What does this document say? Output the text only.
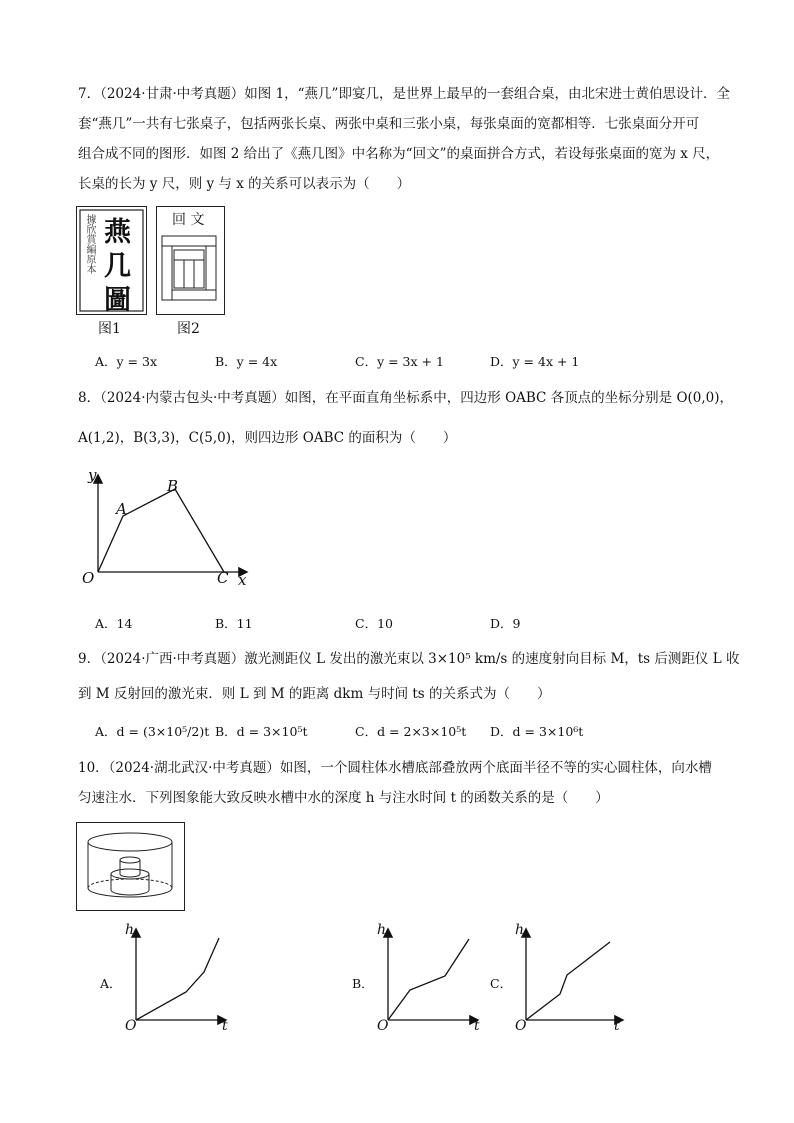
7．（2024·甘肃·中考真题）如图 1，“燕几”即宴几，是世界上最早的一套组合桌，由北宋进士黄伯思设计．全
套“燕几”一共有七张桌子，包括两张长桌、两张中桌和三张小桌，每张桌面的宽都相等．七张桌面分开可
组合成不同的图形．如图 2 给出了《燕几图》中名称为“回文”的桌面拼合方式，若设每张桌面的宽为 x 尺，
长桌的长为 y 尺，则 y 与 x 的关系可以表示为（　　）
據欣賞編原本 燕
几
圖
图1
回 文
图2
A．y = 3x	B．y = 4x	C．y = 3x + 1	D．y = 4x + 1
8．（2024·内蒙古包头·中考真题）如图，在平面直角坐标系中，四边形 OABC 各顶点的坐标分别是 O(0,0)，
A(1,2)，B(3,3)，C(5,0)，则四边形 OABC 的面积为（　　）
y
x
O
A
B
C
A．14	B．11	C．10	D．9
9．（2024·广西·中考真题）激光测距仪 L 发出的激光束以 3×10⁵ km/s 的速度射向目标 M，ts 后测距仪 L 收
到 M 反射回的激光束．则 L 到 M 的距离 dkm 与时间 ts 的关系式为（　　）
A．d = (3×10⁵/2)t B．d = 3×10⁵t	C．d = 2×3×10⁵t D．d = 3×10⁶t
10．（2024·湖北武汉·中考真题）如图，一个圆柱体水槽底部叠放两个底面半径不等的实心圆柱体，向水槽
匀速注水．下列图象能大致反映水槽中水的深度 h 与注水时间 t 的函数关系的是（　　）
A．
h
t
O
B．
h
t
O
C．
h
t
O
